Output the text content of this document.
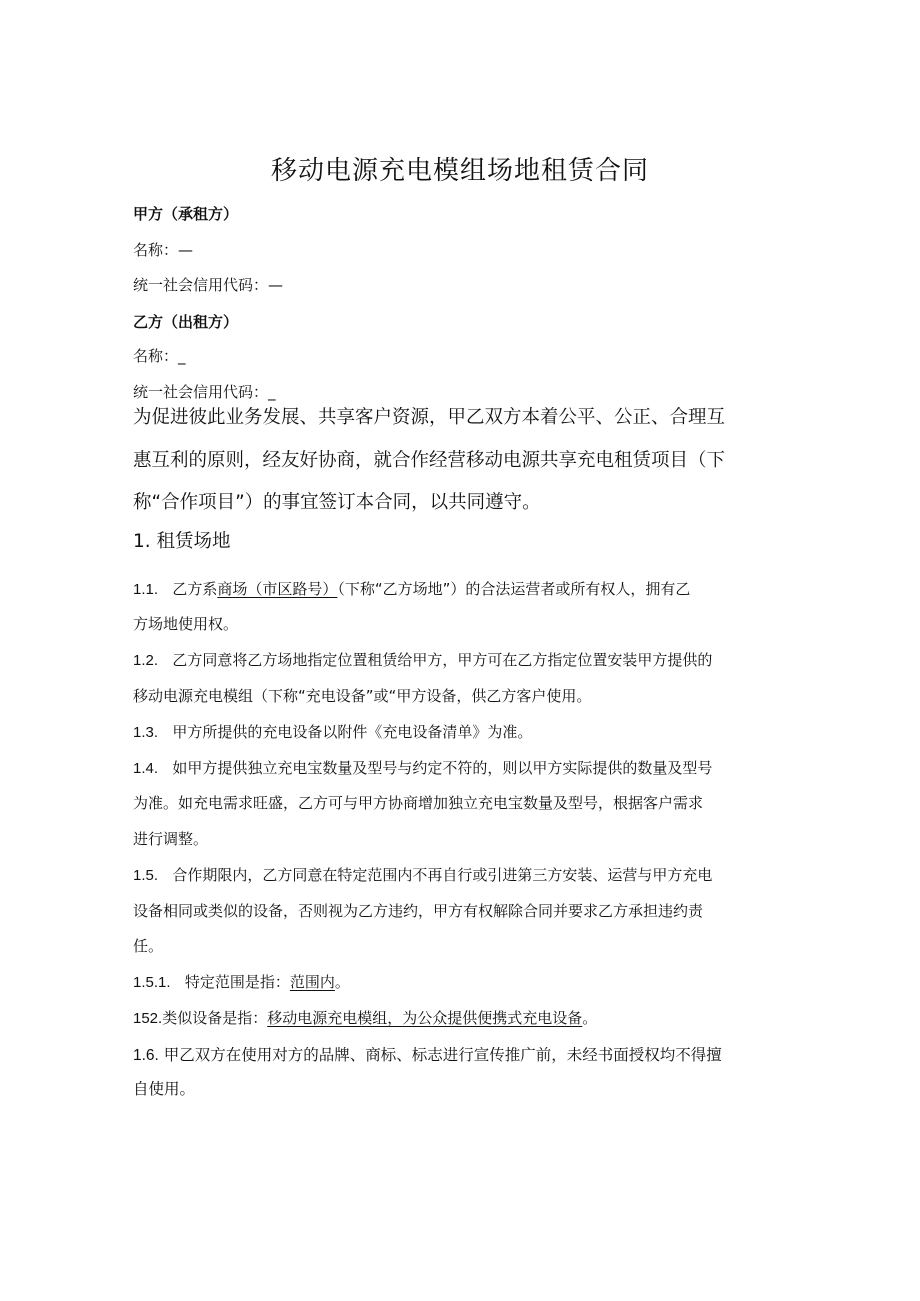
移动电源充电模组场地租赁合同
甲方（承租方）
名称：—
统一社会信用代码：—
乙方（出租方）
名称：_
统一社会信用代码：_
为促进彼此业务发展、共享客户资源，甲乙双方本着公平、公正、合理互
惠互利的原则，经友好协商，就合作经营移动电源共享充电租赁项目（下
称“合作项目”）的事宜签订本合同，以共同遵守。
1. 租赁场地
1.1. 乙方系商场（市区路号）（下称“乙方场地”）的合法运营者或所有权人，拥有乙
方场地使用权。
1.2. 乙方同意将乙方场地指定位置租赁给甲方，甲方可在乙方指定位置安装甲方提供的
移动电源充电模组（下称“充电设备”或“甲方设备，供乙方客户使用。
1.3. 甲方所提供的充电设备以附件《充电设备清单》为准。
1.4. 如甲方提供独立充电宝数量及型号与约定不符的，则以甲方实际提供的数量及型号
为准。如充电需求旺盛，乙方可与甲方协商增加独立充电宝数量及型号，根据客户需求
进行调整。
1.5. 合作期限内，乙方同意在特定范围内不再自行或引进第三方安装、运营与甲方充电
设备相同或类似的设备，否则视为乙方违约，甲方有权解除合同并要求乙方承担违约责
任。
1.5.1. 特定范围是指：范围内。
152.类似设备是指：移动电源充电模组，为公众提供便携式充电设备。
1.6. 甲乙双方在使用对方的品牌、商标、标志进行宣传推广前，未经书面授权均不得擅
自使用。
